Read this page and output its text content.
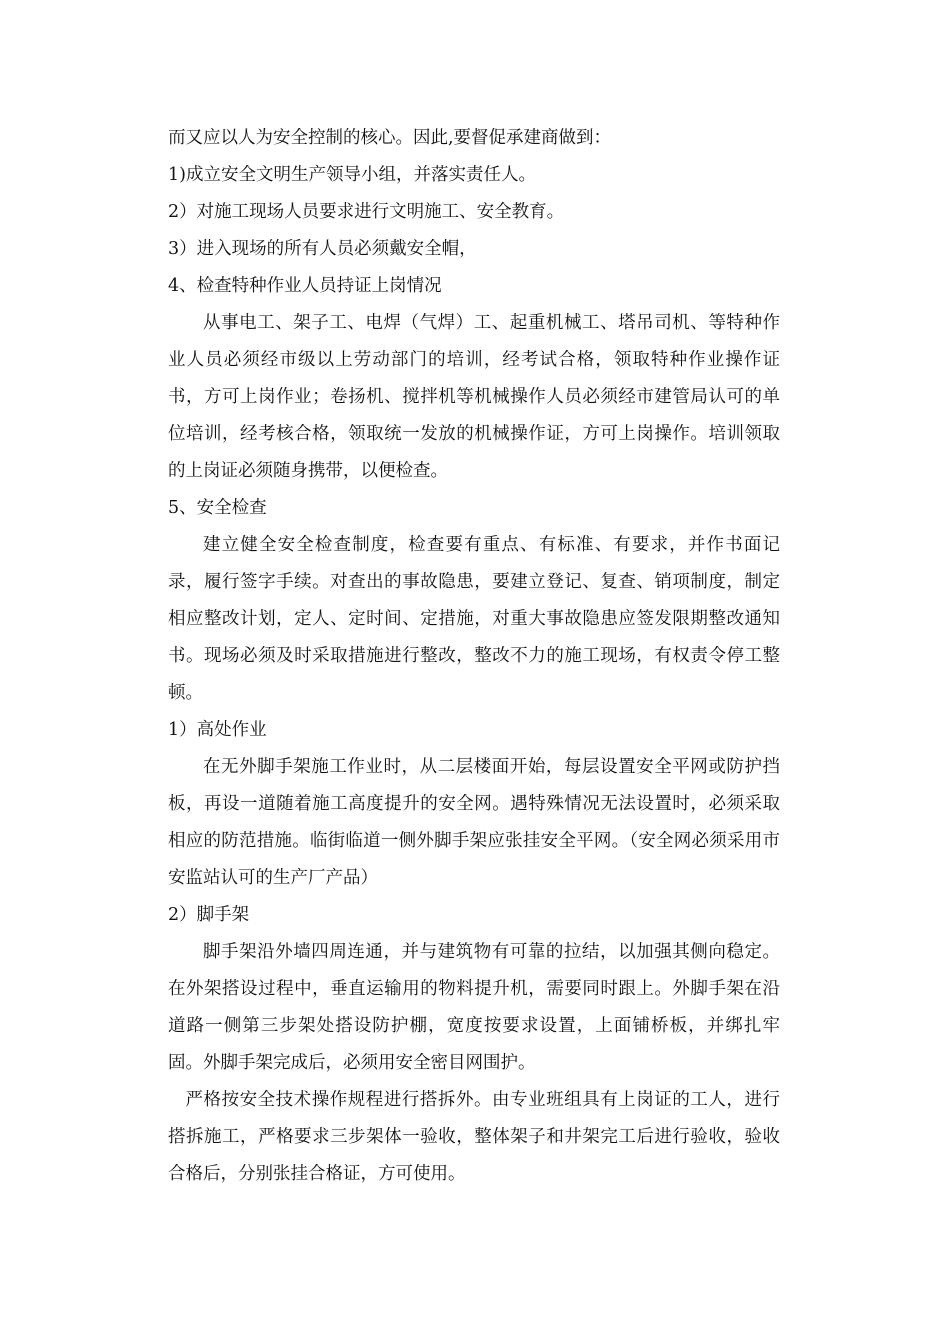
而又应以人为安全控制的核心。因此,要督促承建商做到：

1)成立安全文明生产领导小组，并落实责任人。

2）对施工现场人员要求进行文明施工、安全教育。

3）进入现场的所有人员必须戴安全帽，

4、检查特种作业人员持证上岗情况

从事电工、架子工、电焊（气焊）工、起重机械工、塔吊司机、等特种作业人员必须经市级以上劳动部门的培训，经考试合格，领取特种作业操作证书，方可上岗作业；卷扬机、搅拌机等机械操作人员必须经市建管局认可的单位培训，经考核合格，领取统一发放的机械操作证，方可上岗操作。培训领取的上岗证必须随身携带，以便检查。

5、安全检查

建立健全安全检查制度，检查要有重点、有标准、有要求，并作书面记录，履行签字手续。对查出的事故隐患，要建立登记、复查、销项制度，制定相应整改计划，定人、定时间、定措施，对重大事故隐患应签发限期整改通知书。现场必须及时采取措施进行整改，整改不力的施工现场，有权责令停工整顿。

1）高处作业

在无外脚手架施工作业时，从二层楼面开始，每层设置安全平网或防护挡板，再设一道随着施工高度提升的安全网。遇特殊情况无法设置时，必须采取相应的防范措施。临街临道一侧外脚手架应张挂安全平网。（安全网必须采用市安监站认可的生产厂产品）

2）脚手架

脚手架沿外墙四周连通，并与建筑物有可靠的拉结，以加强其侧向稳定。在外架搭设过程中，垂直运输用的物料提升机，需要同时跟上。外脚手架在沿道路一侧第三步架处搭设防护棚，宽度按要求设置，上面铺桥板，并绑扎牢固。外脚手架完成后，必须用安全密目网围护。

严格按安全技术操作规程进行搭拆外。由专业班组具有上岗证的工人，进行搭拆施工，严格要求三步架体一验收，整体架子和井架完工后进行验收，验收合格后，分别张挂合格证，方可使用。
